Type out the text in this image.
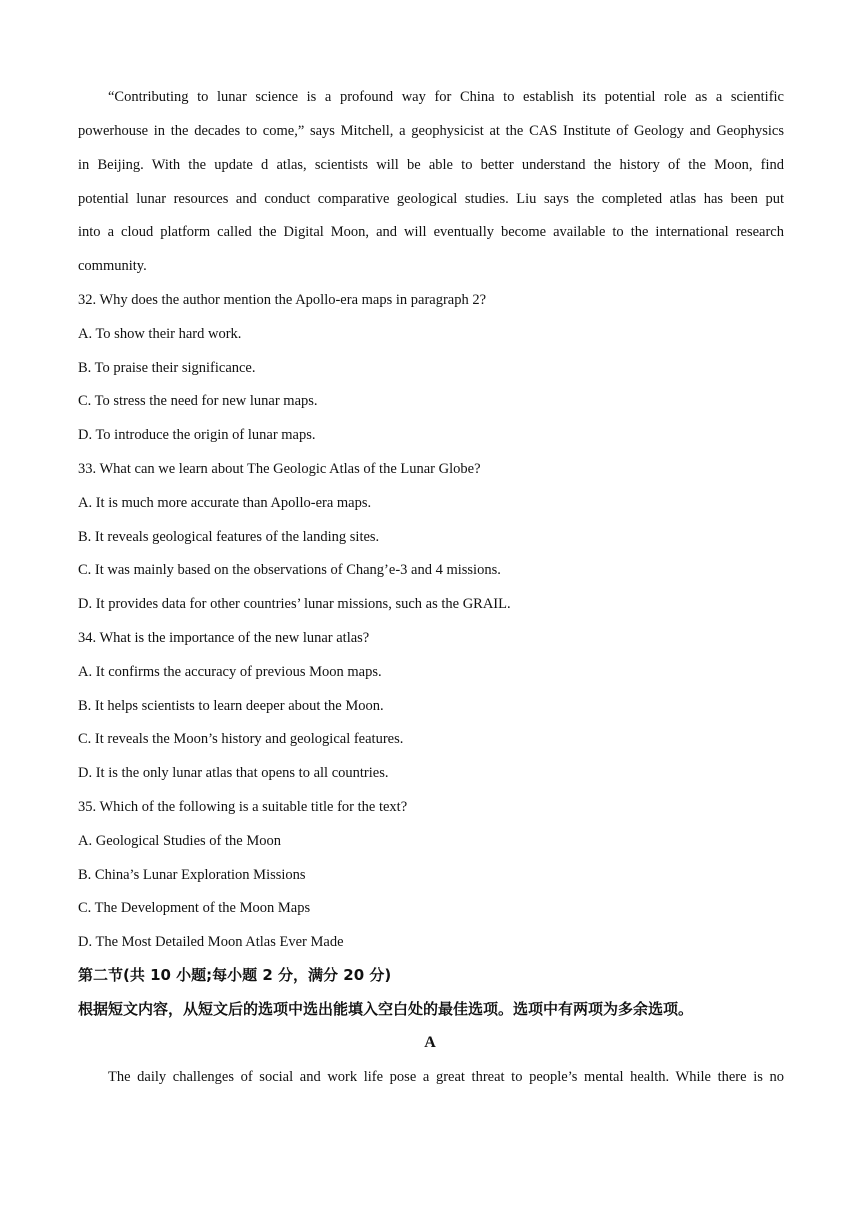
“Contributing to lunar science is a profound way for China to establish its potential role as a scientific
powerhouse in the decades to come,” says Mitchell, a geophysicist at the CAS Institute of Geology and Geophysics
in Beijing. With the update d atlas, scientists will be able to better understand the history of the Moon, find
potential lunar resources and conduct comparative geological studies. Liu says the completed atlas has been put
into a cloud platform called the Digital Moon, and will eventually become available to the international research
community.
32. Why does the author mention the Apollo-era maps in paragraph 2?
A. To show their hard work.
B. To praise their significance.
C. To stress the need for new lunar maps.
D. To introduce the origin of lunar maps.
33. What can we learn about The Geologic Atlas of the Lunar Globe?
A. It is much more accurate than Apollo-era maps.
B. It reveals geological features of the landing sites.
C. It was mainly based on the observations of Chang’e-3 and 4 missions.
D. It provides data for other countries’ lunar missions, such as the GRAIL.
34. What is the importance of the new lunar atlas?
A. It confirms the accuracy of previous Moon maps.
B. It helps scientists to learn deeper about the Moon.
C. It reveals the Moon’s history and geological features.
D. It is the only lunar atlas that opens to all countries.
35. Which of the following is a suitable title for the text?
A. Geological Studies of the Moon
B. China’s Lunar Exploration Missions
C. The Development of the Moon Maps
D. The Most Detailed Moon Atlas Ever Made
第二节(共 10 小题;每小题 2 分，满分 20 分)
根据短文内容，从短文后的选项中选出能填入空白处的最佳选项。选项中有两项为多余选项。
A
The daily challenges of social and work life pose a great threat to people’s mental health. While there is no
